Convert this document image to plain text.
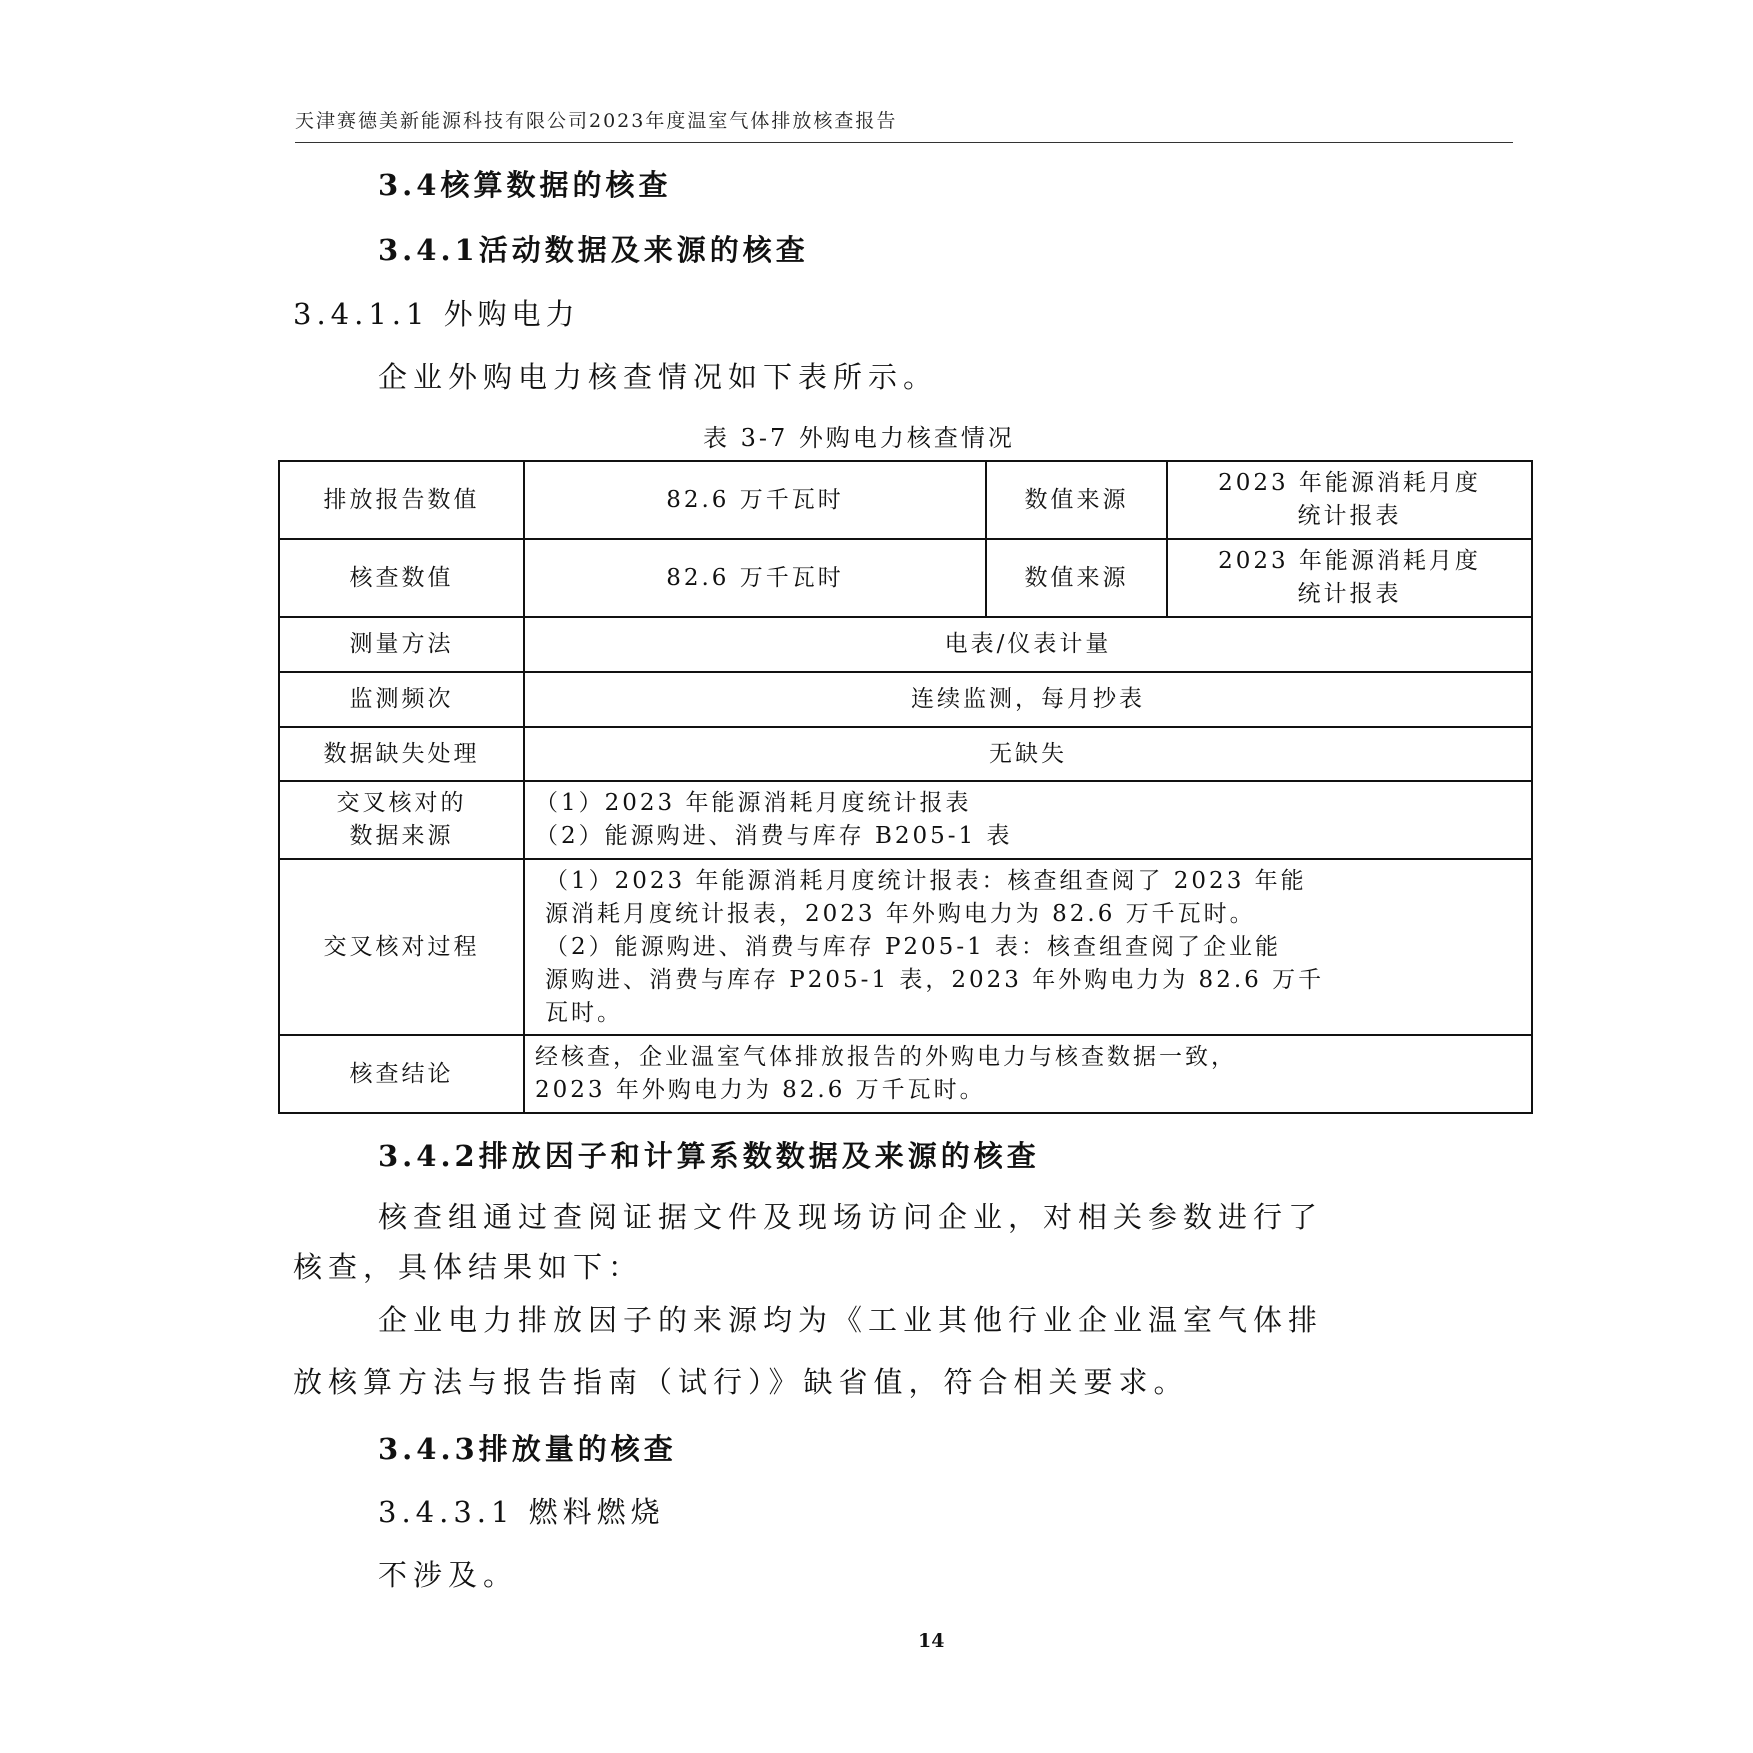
天津赛德美新能源科技有限公司2023年度温室气体排放核查报告
3.4核算数据的核查
3.4.1活动数据及来源的核查
3.4.1.1 外购电力
企业外购电力核查情况如下表所示。
表 3-7 外购电力核查情况
排放报告数值	82.6 万千瓦时	数值来源	2023 年能源消耗月度
统计报表

核查数值	82.6 万千瓦时	数值来源	2023 年能源消耗月度
统计报表

测量方法	电表/仪表计量		
监测频次	连续监测，每月抄表		
数据缺失处理	无缺失		

交叉核对的
数据来源	（1）2023 年能源消耗月度统计报表
（2）能源购进、消费与库存 B205-1 表		

交叉核对过程	（1）2023 年能源消耗月度统计报表：核查组查阅了 2023 年能
源消耗月度统计报表，2023 年外购电力为 82.6 万千瓦时。
（2）能源购进、消费与库存 P205-1 表：核查组查阅了企业能
源购进、消费与库存 P205-1 表，2023 年外购电力为 82.6 万千
瓦时。		

核查结论	经核查，企业温室气体排放报告的外购电力与核查数据一致，
2023 年外购电力为 82.6 万千瓦时。		
3.4.2排放因子和计算系数数据及来源的核查
核查组通过查阅证据文件及现场访问企业，对相关参数进行了
核查，具体结果如下：
企业电力排放因子的来源均为《工业其他行业企业温室气体排
放核算方法与报告指南（试行）》缺省值，符合相关要求。
3.4.3排放量的核查
3.4.3.1 燃料燃烧
不涉及。
14
